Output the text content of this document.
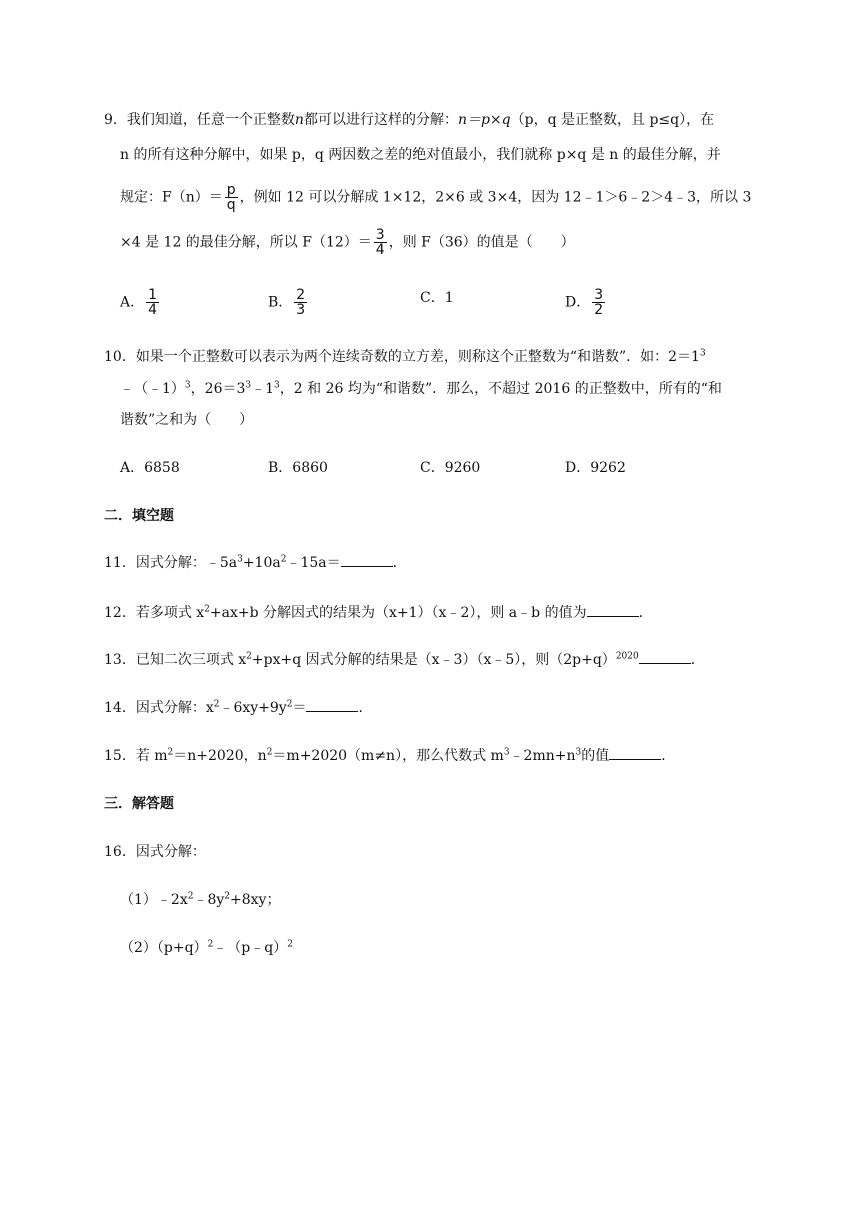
9．我们知道，任意一个正整数n都可以进行这样的分解：n＝p×q（p，q 是正整数，且 p≤q），在
n 的所有这种分解中，如果 p，q 两因数之差的绝对值最小，我们就称 p×q 是 n 的最佳分解，并
规定：$F(n)= \frac{p}{q}$ ，例如 12 可以分解成 1×12，2×6 或 3×4，因为 12﹣1＞6﹣2＞4﹣3，所以 3
×4 是 12 的最佳分解，所以 $F(12)= \frac{3}{4}$ ，则 F（36）的值是（　　）
A． $\frac{1}{4}$	B． $\frac{2}{3}$	C．1	D． $\frac{3}{2}$
10．如果一个正整数可以表示为两个连续奇数的立方差，则称这个正整数为“和谐数”．如：$2=1^3$
﹣（﹣1）$^3$，$26=3^3﹣1^3$，2 和 26 均为“和谐数”．那么，不超过 2016 的正整数中，所有的“和
谐数”之和为（　　）
A．6858	B．6860	C．9260	D．9262
二．填空题
11．因式分解：$﹣5a^3+10a^2﹣15a=$	．
12．若多项式 $x^2+ax+b$ 分解因式的结果为（x+1）（x﹣2），则 a﹣b 的值为	．
13．已知二次三项式 $x^2+px+q$ 因式分解的结果是（x﹣3）（x﹣5），则$(2p+q)^{2020}$	．
14．因式分解：$x^2﹣6xy+9y^2=$	．
15．若 $m^2=n+2020$，$n^2=m+2020(m\ne n)$，那么代数式 $m^3﹣2mn+n^3$的值	．
三．解答题
16．因式分解：
$(1)﹣2x^2﹣8y^2+8xy$；
$(2)(p+q)^2﹣(p﹣q)^2$
